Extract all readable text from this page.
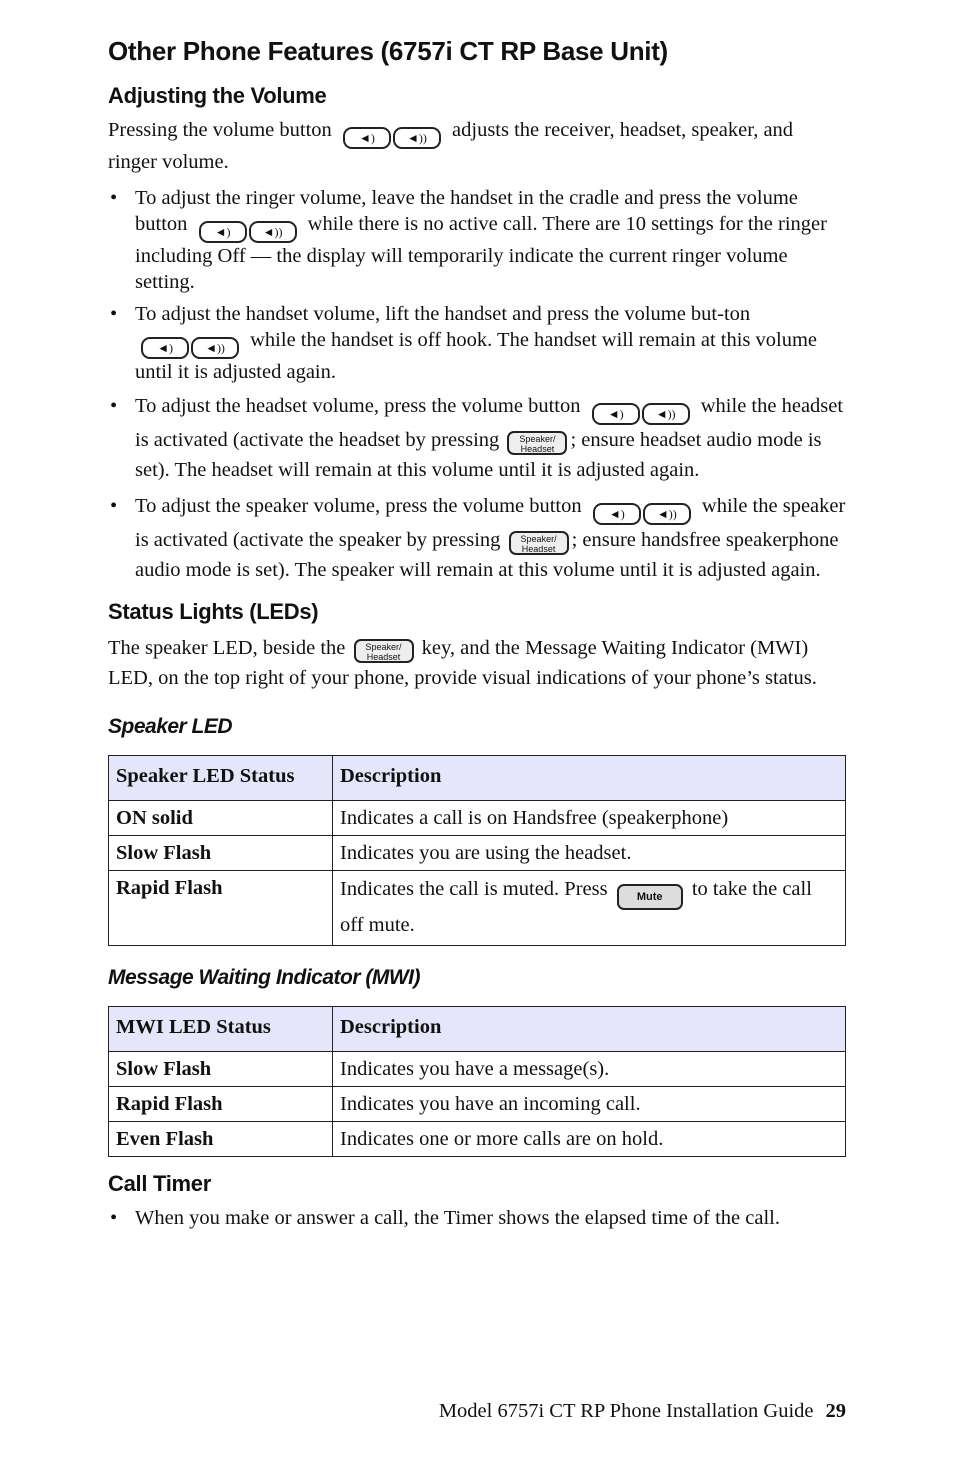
Other Phone Features (6757i CT RP Base Unit)
Adjusting the Volume

Pressing the volume button	◄)	◄))	adjusts the receiver, headset, speaker, and ringer volume.

• To adjust the ringer volume, leave the handset in the cradle and press the volume button	◄)	◄))	while there is no active call. There are 10 settings for the ringer including Off — the display will temporarily indicate the current ringer volume setting.
• To adjust the handset volume, lift the handset and press the volume but-ton
◄)	◄))	while the handset is off hook. The handset will remain at this volume until it is adjusted again.
• To adjust the headset volume, press the volume button	◄)	◄))	while the headset is activated (activate the headset by pressing	Speaker/
Headset ; ensure headset audio mode is set). The headset will remain at this volume until it is adjusted again.
• To adjust the speaker volume, press the volume button	◄)	◄))	while the speaker is activated (activate the speaker by pressing	Speaker/
Headset ; ensure handsfree speakerphone audio mode is set). The speaker will remain at this volume until it is adjusted again.
Status Lights (LEDs)

The speaker LED, beside the	Speaker/
Headset	key, and the Message Waiting Indicator (MWI) LED, on the top right of your phone, provide visual indications of your phone’s status.

Speaker LED
Speaker LED Status	Description
ON solid	Indicates a call is on Handsfree (speakerphone)
Slow Flash	Indicates you are using the headset.
Rapid Flash	Indicates the call is muted. Press Mute to take the call off mute.
Message Waiting Indicator (MWI)
MWI LED Status	Description
Slow Flash	Indicates you have a message(s).
Rapid Flash	Indicates you have an incoming call.
Even Flash	Indicates one or more calls are on hold.
Call Timer
• When you make or answer a call, the Timer shows the elapsed time of the call.
Model 6757i CT RP Phone Installation Guide 29
